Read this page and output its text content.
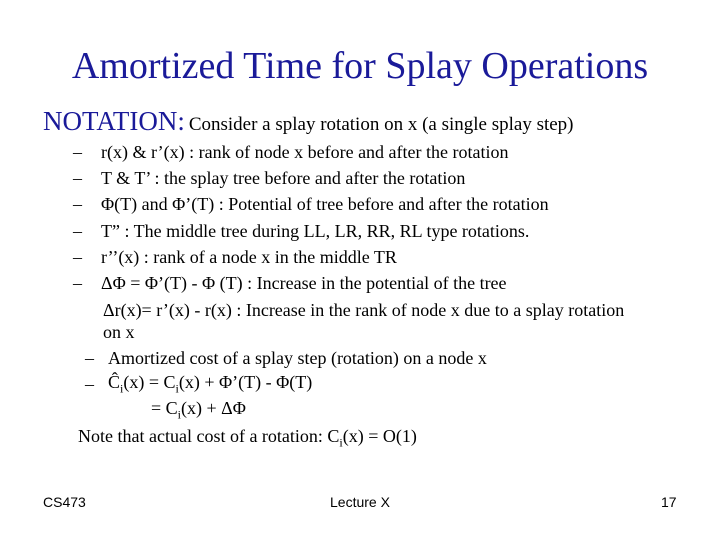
Amortized Time for Splay Operations
NOTATION: Consider a splay rotation on x (a single splay step)
– r(x) & r’(x) : rank of node x before and after the rotation
– T & T’ : the splay tree before and after the rotation
– Φ(T) and Φ’(T) : Potential of tree before and after the rotation
– T” : The middle tree during LL, LR, RR, RL type rotations.
– r’’(x) : rank of a node x in the middle TR
– ΔΦ = Φ’(T) - Φ (T) : Increase in the potential of the tree
Δr(x)= r’(x) - r(x) : Increase in the rank of node x due to a splay rotation
on x
– Amortized cost of a splay step (rotation) on a node x
– $Ĉ_i(x) = C_i(x)$ + Φ’(T) - Φ(T)
= $C_i(x) + \Delta\Phi$
Note that actual cost of a rotation: $C_i(x) = O(1)$
CS473	Lecture X	17
